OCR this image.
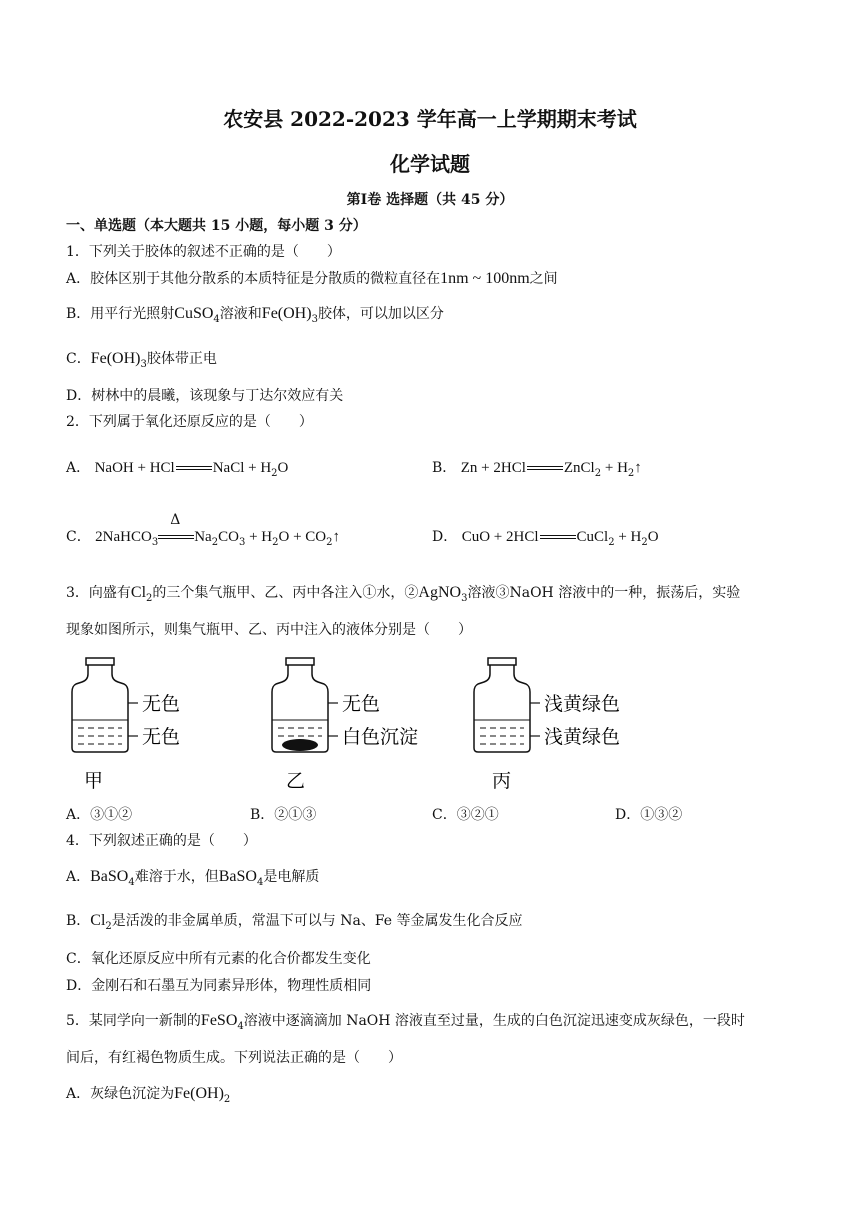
农安县 2022-2023 学年高一上学期期末考试
化学试题
第Ⅰ卷 选择题（共 45 分）
一、单选题（本大题共 15 小题，每小题 3 分）
1．下列关于胶体的叙述不正确的是（　　）
A．胶体区别于其他分散系的本质特征是分散质的微粒直径在1nm ~ 100nm之间
B．用平行光照射CuSO$_4$溶液和$Fe(OH)_3$胶体，可以加以区分
C．$Fe(OH)_3$胶体带正电
D．树林中的晨曦，该现象与丁达尔效应有关
2．下列属于氧化还原反应的是（　　）
A． NaOH + HCl	NaCl + $H_2O$	B． Zn + 2HCl	ZnCl$_2$ + $H_2↑$
C． 2NaHCO$_3$
Δ
$Na_2CO_3 + H_2O$ + $CO_2↑$	D． CuO + 2HCl	CuCl$_2$ + $H_2O$
3．向盛有$Cl_2$的三个集气瓶甲、乙、丙中各注入①水，②AgNO$_3$溶液③NaOH 溶液中的一种，振荡后，实验
现象如图所示，则集气瓶甲、乙、丙中注入的液体分别是（　　）
无色
无色
甲
无色
白色沉淀
乙
浅黄绿色
浅黄绿色
丙
A．③①②	B．②①③	C．③②①	D．①③②
4．下列叙述正确的是（　　）
A．BaSO$_4$难溶于水，但BaSO$_4$是电解质
B．$Cl_2$是活泼的非金属单质，常温下可以与 Na、Fe 等金属发生化合反应
C．氧化还原反应中所有元素的化合价都发生变化
D．金刚石和石墨互为同素异形体，物理性质相同
5．某同学向一新制的FeSO$_4$溶液中逐滴滴加 NaOH 溶液直至过量，生成的白色沉淀迅速变成灰绿色，一段时
间后，有红褐色物质生成。下列说法正确的是（　　）
A．灰绿色沉淀为$Fe(OH)_2$
